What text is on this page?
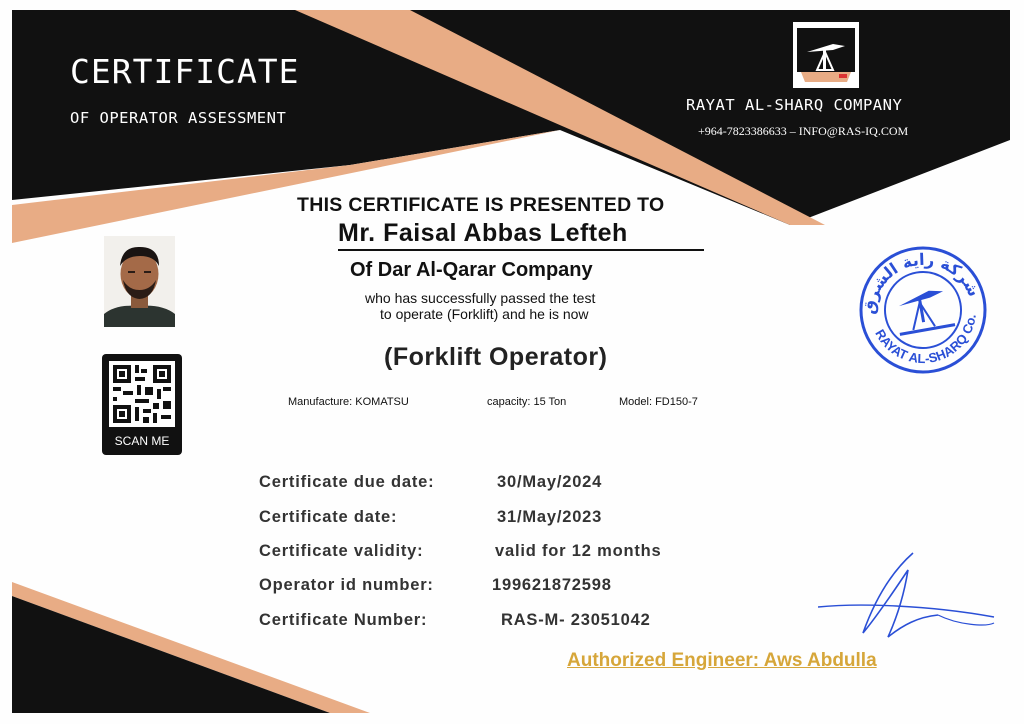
CERTIFICATE
OF OPERATOR ASSESSMENT
RAYAT AL-SHARQ COMPANY
+964-7823386633 – INFO@RAS-IQ.COM
SCAN ME
THIS CERTIFICATE IS PRESENTED TO
Mr. Faisal Abbas Lefteh
Of Dar Al-Qarar Company
who has successfully passed the test
to operate (Forklift) and he is now
(Forklift Operator)
Manufacture: KOMATSU	capacity: 15 Ton	Model: FD150-7
Certificate due date:	30/May/2024
Certificate date:	31/May/2023
Certificate validity:	valid for 12 months
Operator id number:	199621872598
Certificate Number:	RAS-M- 23051042
Authorized Engineer: Aws Abdulla
شركة راية الشرق
RAYAT AL-SHARQ Co.
